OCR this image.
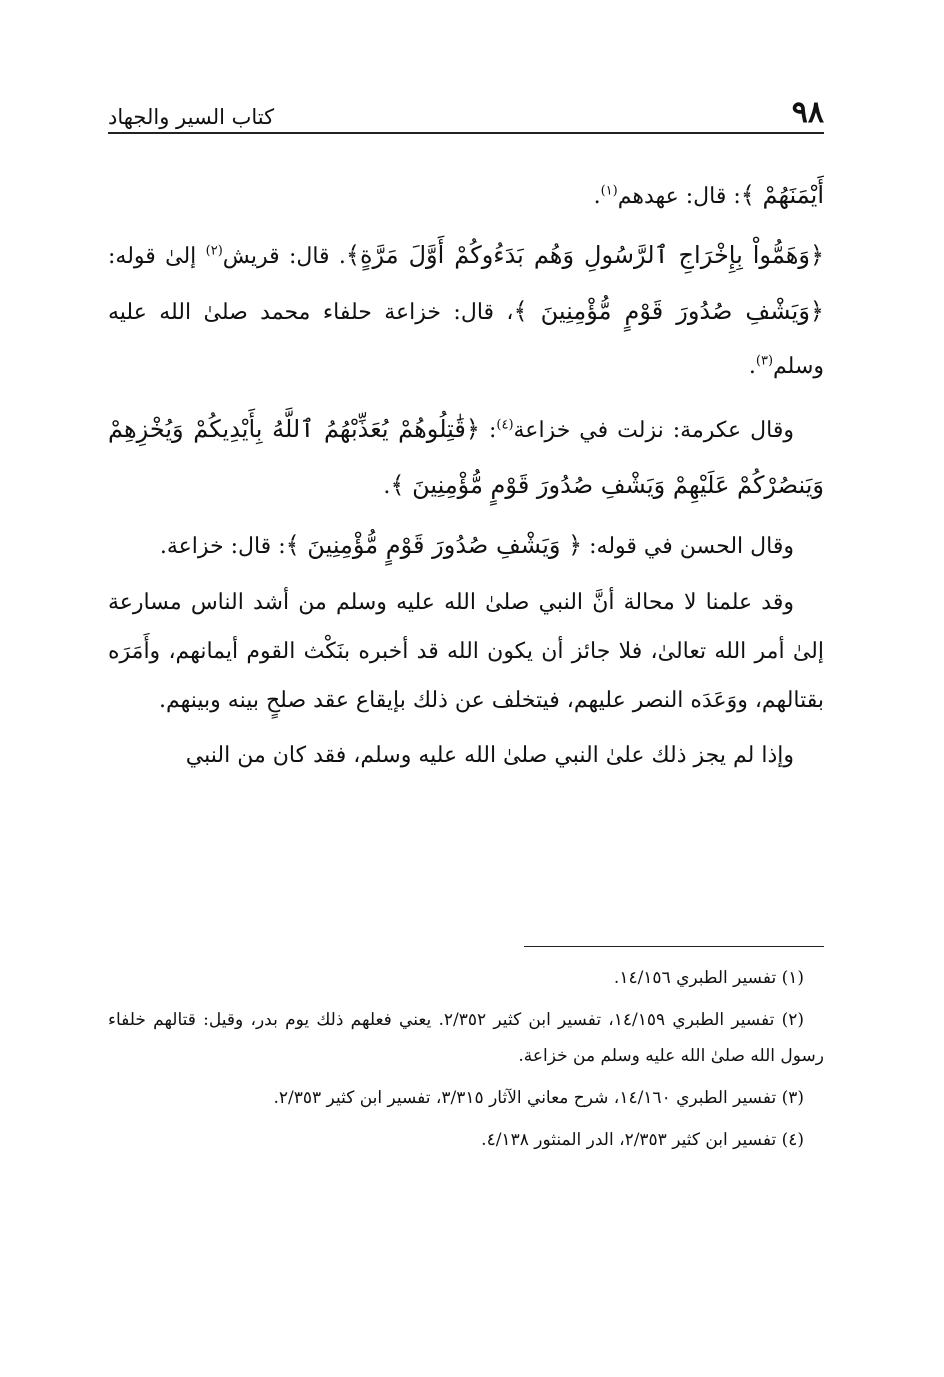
٩٨
كتاب السير والجهاد

أَيْمَنَهُمْ ﴾: قال: عهدهم$^{(١)}$.

﴿وَهَمُّواْ بِإِخْرَاجِ ٱلرَّسُولِ وَهُم بَدَءُوكُمْ أَوَّلَ مَرَّةٍ﴾. قال: قريش$^{(٢)}$ إلىٰ قوله: ﴿وَيَشْفِ صُدُورَ قَوْمٍ مُّؤْمِنِينَ ﴾، قال: خزاعة حلفاء محمد صلىٰ الله عليه وسلم$^{(٣)}$.

وقال عكرمة: نزلت في خزاعة$^{(٤)}$: ﴿قَٰتِلُوهُمْ يُعَذِّبْهُمُ ٱللَّهُ بِأَيْدِيكُمْ وَيُخْزِهِمْ وَيَنصُرْكُمْ عَلَيْهِمْ وَيَشْفِ صُدُورَ قَوْمٍ مُّؤْمِنِينَ ﴾.

وقال الحسن في قوله: ﴿ وَيَشْفِ صُدُورَ قَوْمٍ مُّؤْمِنِينَ ﴾: قال: خزاعة.

وقد علمنا لا محالة أنَّ النبي صلىٰ الله عليه وسلم من أشد الناس مسارعة إلىٰ أمر الله تعالىٰ، فلا جائز أن يكون الله قد أخبره بنَكْث القوم أيمانهم، وأَمَرَه بقتالهم، ووَعَدَه النصر عليهم، فيتخلف عن ذلك بإيقاع عقد صلحٍ بينه وبينهم.

وإذا لم يجز ذلك علىٰ النبي صلىٰ الله عليه وسلم، فقد كان من النبي

(١) تفسير الطبري ١٤/١٥٦.

(٢) تفسير الطبري ١٤/١٥٩، تفسير ابن كثير ٢/٣٥٢. يعني فعلهم ذلك يوم بدر، وقيل: قتالهم خلفاء رسول الله صلىٰ الله عليه وسلم من خزاعة.

(٣) تفسير الطبري ١٤/١٦٠، شرح معاني الآثار ٣/٣١٥، تفسير ابن كثير ٢/٣٥٣.

(٤) تفسير ابن كثير ٢/٣٥٣، الدر المنثور ٤/١٣٨.
